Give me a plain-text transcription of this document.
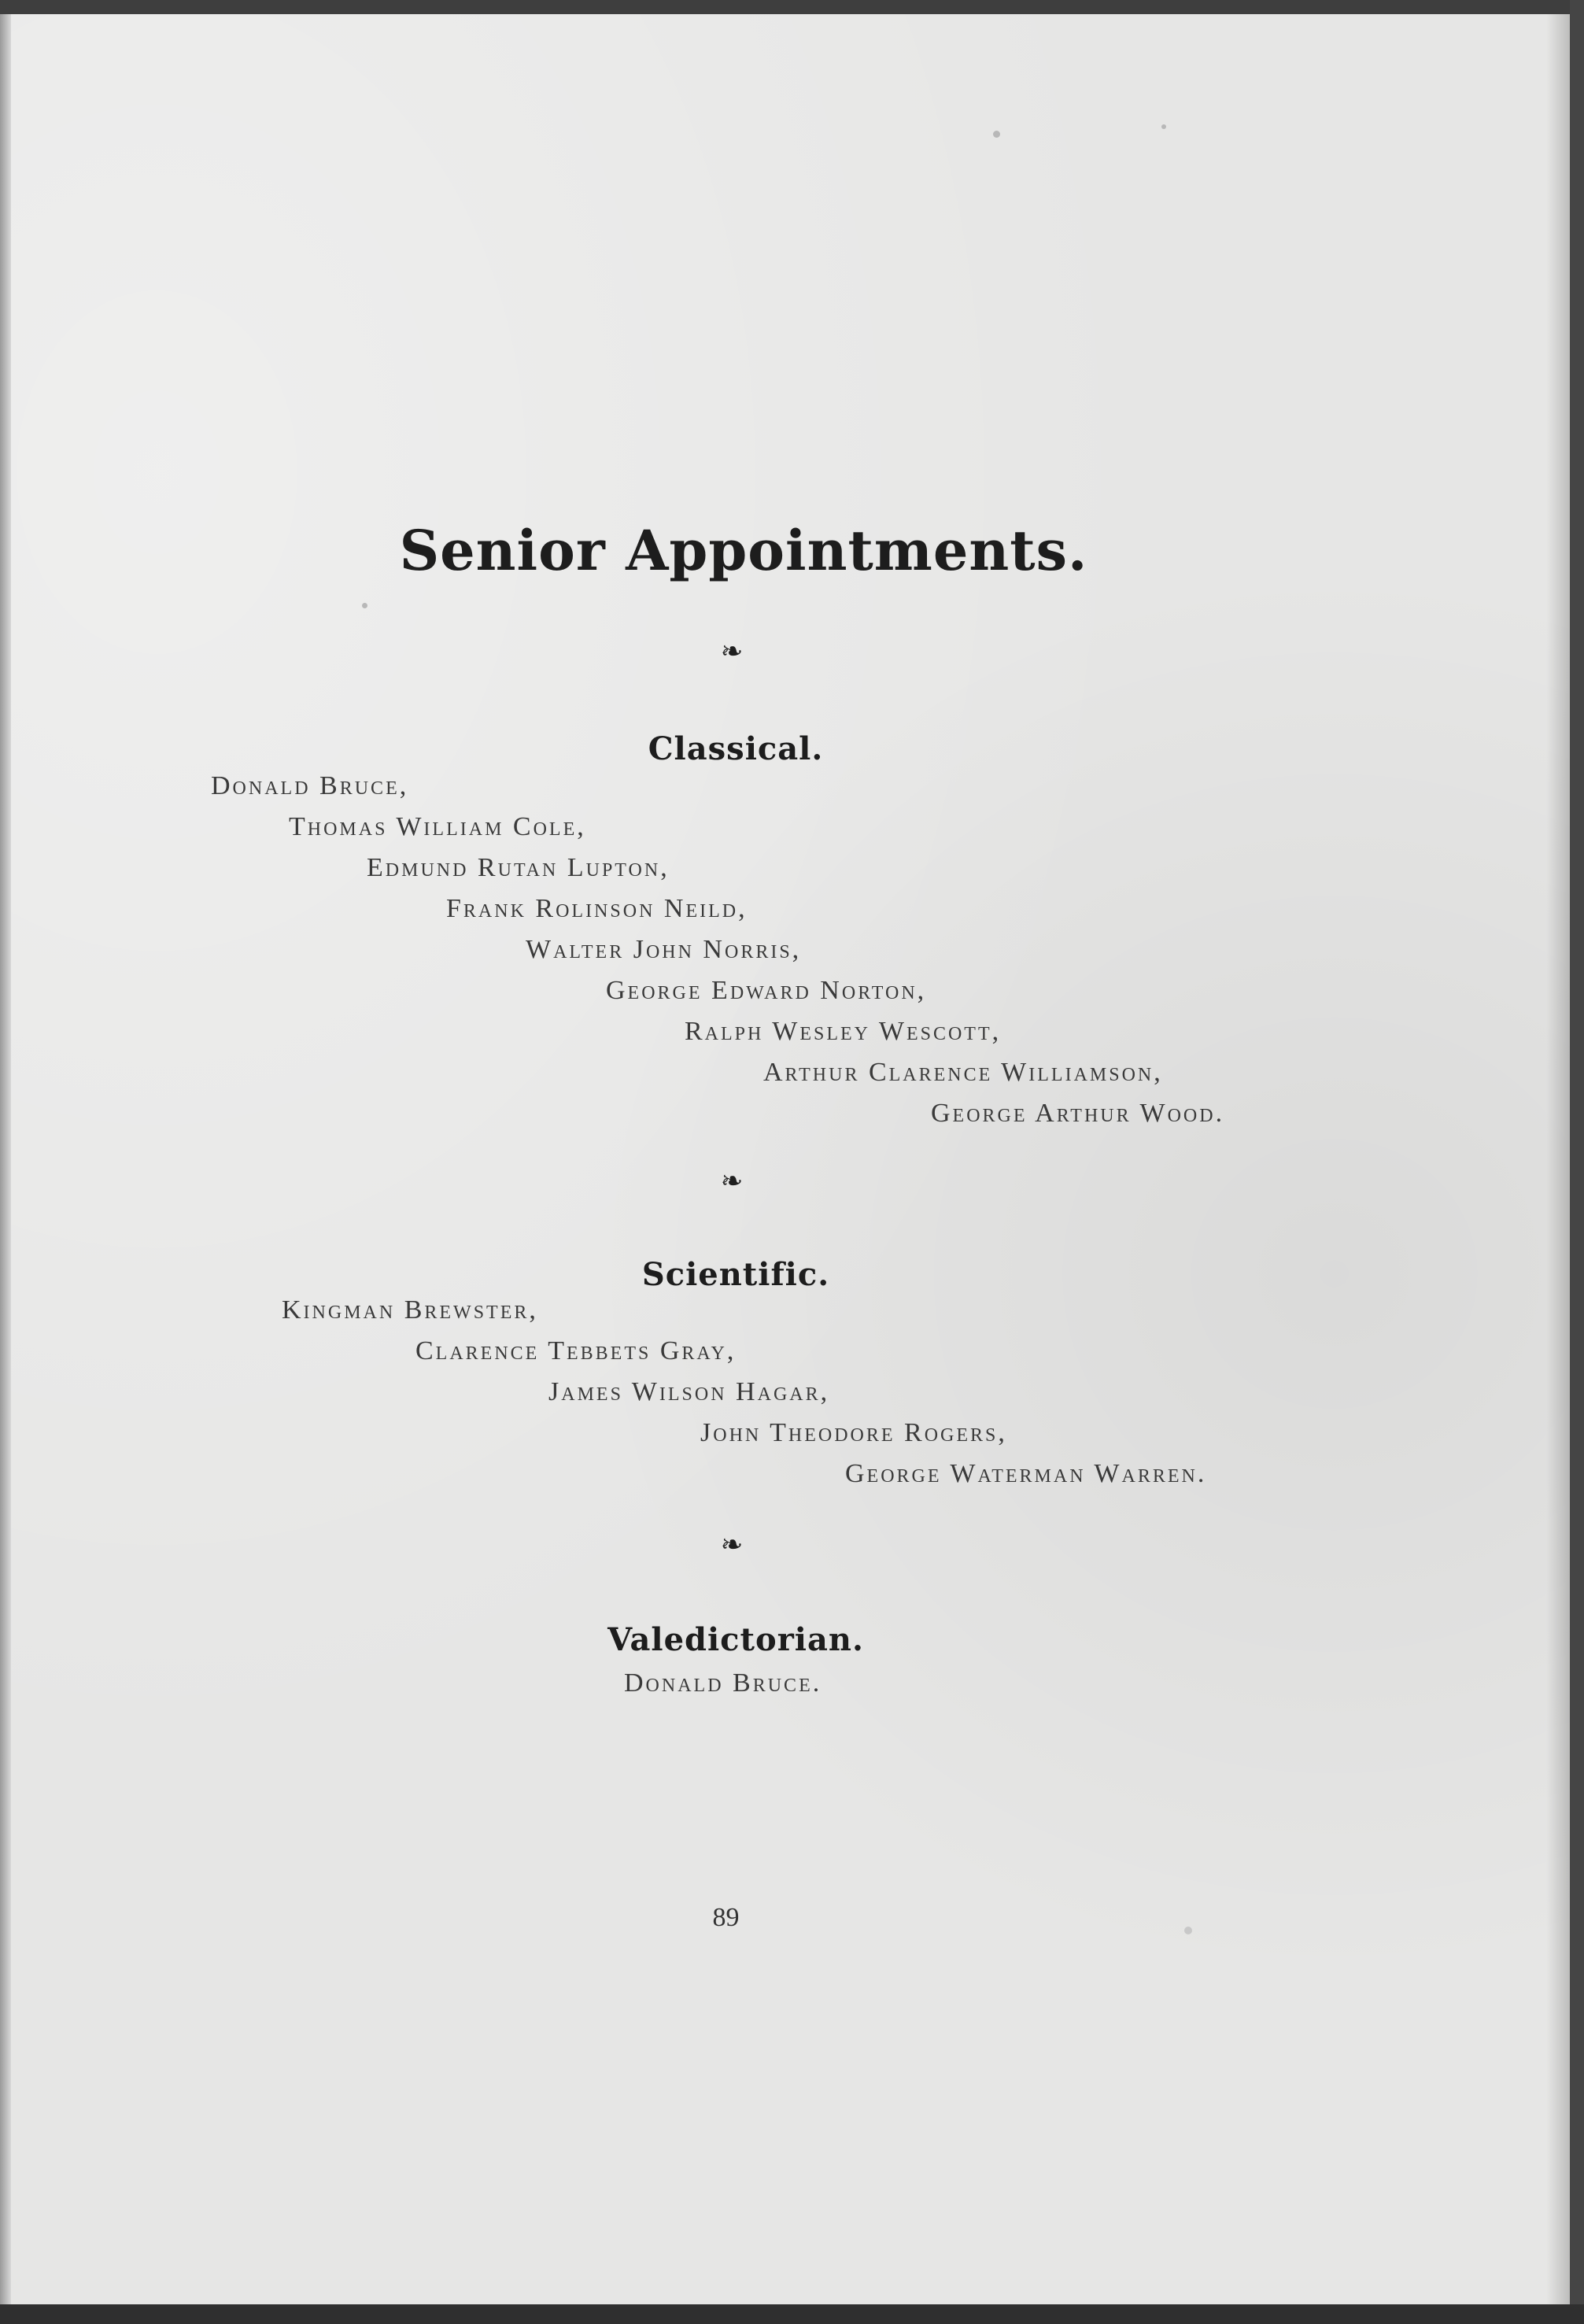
Senior Appointments.
❧
Classical.
Donald Bruce,
Thomas William Cole,
Edmund Rutan Lupton,
Frank Rolinson Neild,
Walter John Norris,
George Edward Norton,
Ralph Wesley Wescott,
Arthur Clarence Williamson,
George Arthur Wood.
❧
Scientific.
Kingman Brewster,
Clarence Tebbets Gray,
James Wilson Hagar,
John Theodore Rogers,
George Waterman Warren.
❧
Valedictorian.
Donald Bruce.
89
